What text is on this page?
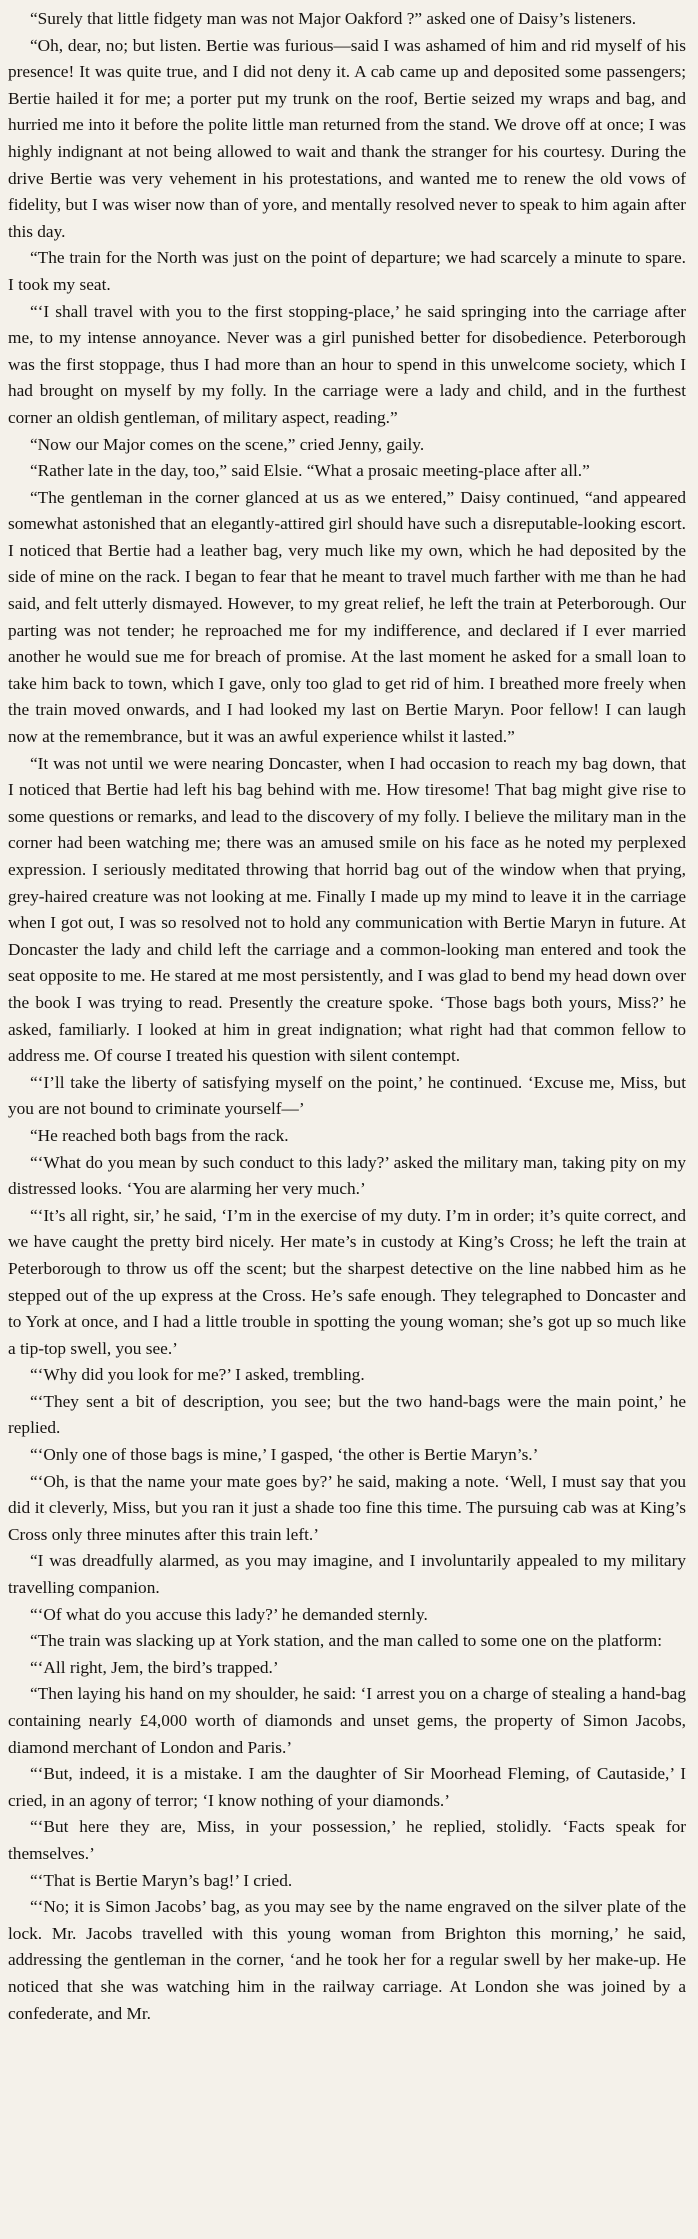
“Surely that little fidgety man was not Major Oakford ?” asked one of Daisy’s listeners.

“Oh, dear, no; but listen. Bertie was furious—said I was ashamed of him and rid myself of his presence! It was quite true, and I did not deny it. A cab came up and deposited some passengers; Bertie hailed it for me; a porter put my trunk on the roof, Bertie seized my wraps and bag, and hurried me into it before the polite little man returned from the stand. We drove off at once; I was highly indignant at not being allowed to wait and thank the stranger for his courtesy. During the drive Bertie was very vehement in his protestations, and wanted me to renew the old vows of fidelity, but I was wiser now than of yore, and mentally resolved never to speak to him again after this day.

“The train for the North was just on the point of departure; we had scarcely a minute to spare. I took my seat.

“‘I shall travel with you to the first stopping-place,’ he said springing into the carriage after me, to my intense annoyance. Never was a girl punished better for disobedience. Peterborough was the first stoppage, thus I had more than an hour to spend in this unwelcome society, which I had brought on myself by my folly. In the carriage were a lady and child, and in the furthest corner an oldish gentleman, of military aspect, reading.”

“Now our Major comes on the scene,” cried Jenny, gaily.

“Rather late in the day, too,” said Elsie. “What a prosaic meeting-place after all.”

“The gentleman in the corner glanced at us as we entered,” Daisy continued, “and appeared somewhat astonished that an elegantly-attired girl should have such a disreputable-looking escort. I noticed that Bertie had a leather bag, very much like my own, which he had deposited by the side of mine on the rack. I began to fear that he meant to travel much farther with me than he had said, and felt utterly dismayed. However, to my great relief, he left the train at Peterborough. Our parting was not tender; he reproached me for my indifference, and declared if I ever married another he would sue me for breach of promise. At the last moment he asked for a small loan to take him back to town, which I gave, only too glad to get rid of him. I breathed more freely when the train moved onwards, and I had looked my last on Bertie Maryn. Poor fellow! I can laugh now at the remembrance, but it was an awful experience whilst it lasted.”

“It was not until we were nearing Doncaster, when I had occasion to reach my bag down, that I noticed that Bertie had left his bag behind with me. How tiresome! That bag might give rise to some questions or remarks, and lead to the discovery of my folly. I believe the military man in the corner had been watching me; there was an amused smile on his face as he noted my perplexed expression. I seriously meditated throwing that horrid bag out of the window when that prying, grey-haired creature was not looking at me. Finally I made up my mind to leave it in the carriage when I got out, I was so resolved not to hold any communication with Bertie Maryn in future. At Doncaster the lady and child left the carriage and a common-looking man entered and took the seat opposite to me. He stared at me most persistently, and I was glad to bend my head down over the book I was trying to read. Presently the creature spoke. ‘Those bags both yours, Miss?’ he asked, familiarly. I looked at him in great indignation; what right had that common fellow to address me. Of course I treated his question with silent contempt.

“‘I’ll take the liberty of satisfying myself on the point,’ he continued. ‘Excuse me, Miss, but you are not bound to criminate yourself—’

“He reached both bags from the rack.

“‘What do you mean by such conduct to this lady?’ asked the military man, taking pity on my distressed looks. ‘You are alarming her very much.’

“‘It’s all right, sir,’ he said, ‘I’m in the exercise of my duty. I’m in order; it’s quite correct, and we have caught the pretty bird nicely. Her mate’s in custody at King’s Cross; he left the train at Peterborough to throw us off the scent; but the sharpest detective on the line nabbed him as he stepped out of the up express at the Cross. He’s safe enough. They telegraphed to Doncaster and to York at once, and I had a little trouble in spotting the young woman; she’s got up so much like a tip-top swell, you see.’

“‘Why did you look for me?’ I asked, trembling.

“‘They sent a bit of description, you see; but the two hand-bags were the main point,’ he replied.

“‘Only one of those bags is mine,’ I gasped, ‘the other is Bertie Maryn’s.’

“‘Oh, is that the name your mate goes by?’ he said, making a note. ‘Well, I must say that you did it cleverly, Miss, but you ran it just a shade too fine this time. The pursuing cab was at King’s Cross only three minutes after this train left.’

“I was dreadfully alarmed, as you may imagine, and I involuntarily appealed to my military travelling companion.

“‘Of what do you accuse this lady?’ he demanded sternly.

“The train was slacking up at York station, and the man called to some one on the platform:

“‘All right, Jem, the bird’s trapped.’

“Then laying his hand on my shoulder, he said: ‘I arrest you on a charge of stealing a hand-bag containing nearly £4,000 worth of diamonds and unset gems, the property of Simon Jacobs, diamond merchant of London and Paris.’

“‘But, indeed, it is a mistake. I am the daughter of Sir Moorhead Fleming, of Cautaside,’ I cried, in an agony of terror; ‘I know nothing of your diamonds.’

“‘But here they are, Miss, in your possession,’ he replied, stolidly. ‘Facts speak for themselves.’

“‘That is Bertie Maryn’s bag!’ I cried.

“‘No; it is Simon Jacobs’ bag, as you may see by the name engraved on the silver plate of the lock. Mr. Jacobs travelled with this young woman from Brighton this morning,’ he said, addressing the gentleman in the corner, ‘and he took her for a regular swell by her make-up. He noticed that she was watching him in the railway carriage. At London she was joined by a confederate, and Mr.
